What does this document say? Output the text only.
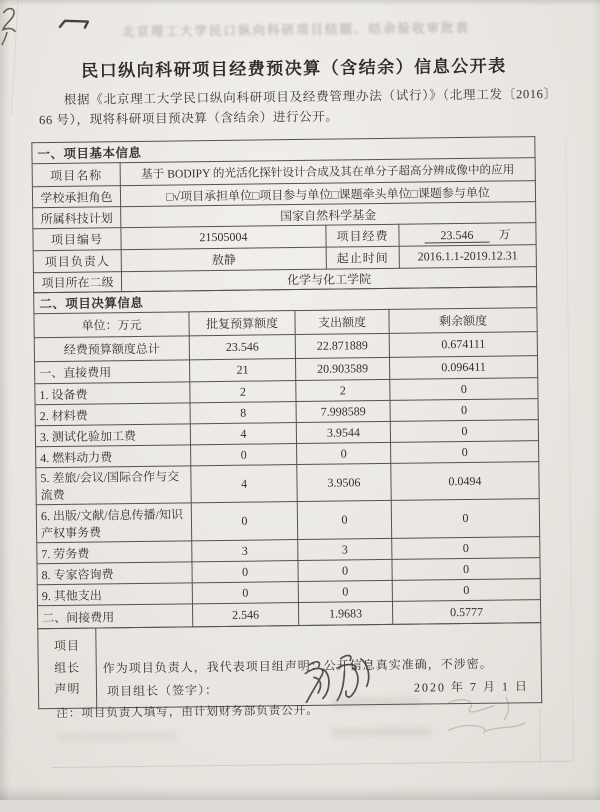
北京理工大学民口纵向科研项目结题、结余验收审批表
民口纵向科研项目经费预决算（含结余）信息公开表
根据《北京理工大学民口纵向科研项目及经费管理办法（试行）》（北理工发〔2016〕66 号），现将科研项目预决算（含结余）进行公开。
一、项目基本信息			
项目名称	基于 BODIPY 的光活化探针设计合成及其在单分子超高分辨成像中的应用		
学校承担角色	□√项目承担单位□项目参与单位□课题牵头单位□课题参与单位		
所属科技计划	国家自然科学基金		
项目编号	21505004	项目经费	23.546 万
项目负责人	敖静	起止时间	2016.1.1-2019.12.31
项目所在二级	化学与化工学院		
二、项目决算信息			
单位：万元	批复预算额度	支出额度	剩余额度
经费预算额度总计	23.546	22.871889	0.674111
一、直接费用	21	20.903589	0.096411
1. 设备费	2	2	0
2. 材料费	8	7.998589	0
3. 测试化验加工费	4	3.9544	0
4. 燃料动力费	0	0	0
5. 差旅/会议/国际合作与交流费	4	3.9506	0.0494
6. 出版/文献/信息传播/知识产权事务费	0	0	0
7. 劳务费	3	3	0
8. 专家咨询费	0	0	0
9. 其他支出	0	0	0
二、间接费用	2.546	1.9683	0.5777
项目
组长
声明

作为项目负责人，我代表项目组声明：公开信息真实准确，不涉密。
项目组长（签字）：	2020 年 7 月 1 日
注：项目负责人填写，由计划财务部负责公开。
